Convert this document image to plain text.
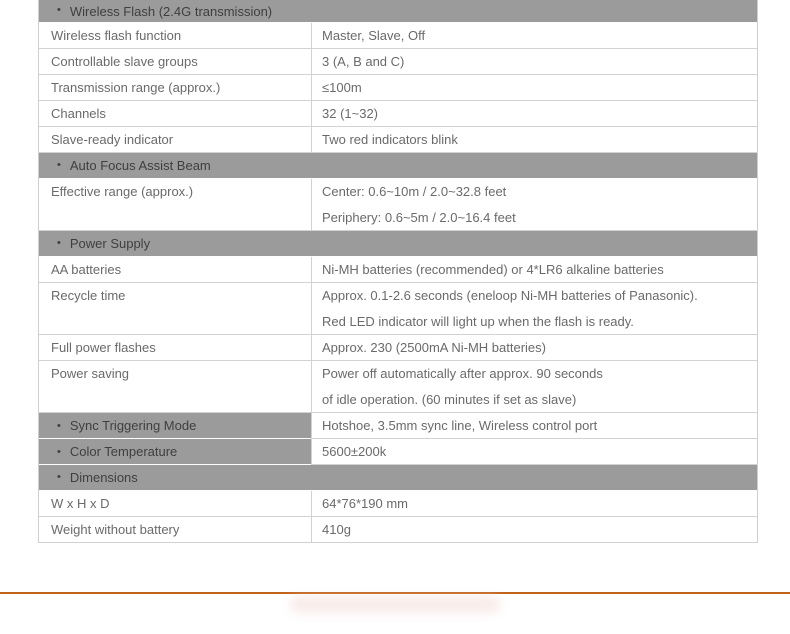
• Wireless Flash (2.4G transmission)
Wireless flash function	Master, Slave, Off
Controllable slave groups	3 (A, B and C)
Transmission range (approx.)	≤100m
Channels	32 (1~32)
Slave-ready indicator	Two red indicators blink
• Auto Focus Assist Beam
Effective range (approx.)	Center: 0.6~10m / 2.0~32.8 feet
Periphery: 0.6~5m / 2.0~16.4 feet
• Power Supply
AA batteries	Ni-MH batteries (recommended) or 4*LR6 alkaline batteries
Recycle time	Approx. 0.1-2.6 seconds (eneloop Ni-MH batteries of Panasonic).
Red LED indicator will light up when the flash is ready.
Full power flashes	Approx. 230 (2500mA Ni-MH batteries)
Power saving	Power off automatically after approx. 90 seconds
of idle operation. (60 minutes if set as slave)
• Sync Triggering Mode	Hotshoe, 3.5mm sync line, Wireless control port
• Color Temperature	5600±200k
• Dimensions
W x H x D	64*76*190 mm
Weight without battery	410g
